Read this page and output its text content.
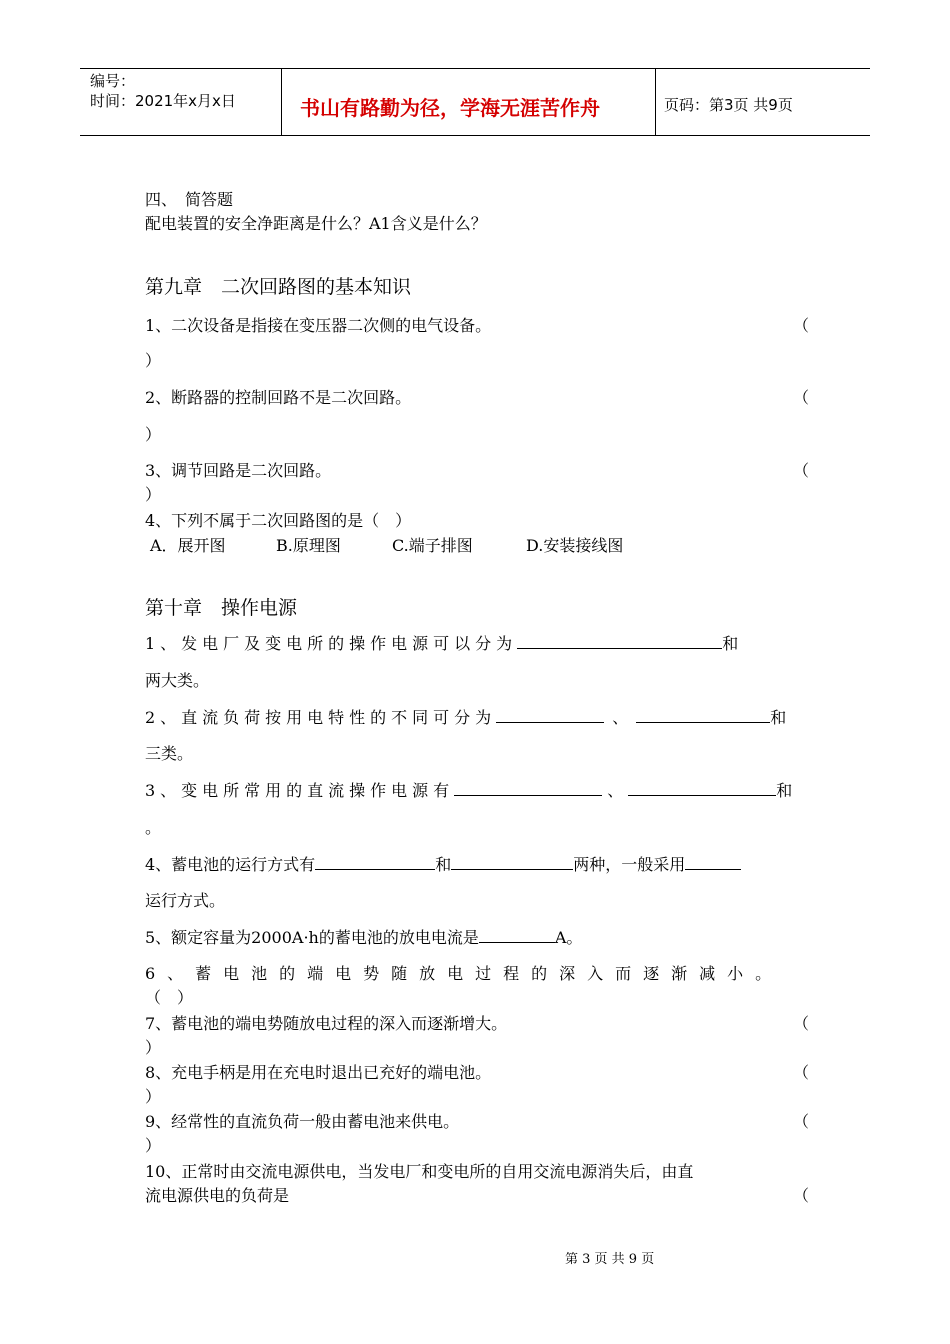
编号：
时间：2021年x月x日	书山有路勤为径，学海无涯苦作舟	页码：第3页 共9页
四、　简答题
配电装置的安全净距离是什么？A1含义是什么？
第九章　二次回路图的基本知识
1、二次设备是指接在变压器二次侧的电气设备。	（
）
2、断路器的控制回路不是二次回路。	（
）
3、调节回路是二次回路。	（
）
4、下列不属于二次回路图的是（　）
A．展开图	B.原理图	C.端子排图	D.安装接线图
第十章　操作电源
1、发电厂及变电所的操作电源可以分为	和
两大类。
2、直流负荷按用电特性的不同可分为	、	和
三类。
3、变电所常用的直流操作电源有	、	和
。
4、蓄电池的运行方式有	和	两种，一般采用
运行方式。
5、额定容量为2000A·h的蓄电池的放电电流是	A。
6、蓄电池的端电势随放电过程的深入而逐渐减小。
（　）
7、蓄电池的端电势随放电过程的深入而逐渐增大。	（
）
8、充电手柄是用在充电时退出已充好的端电池。	（
）
9、经常性的直流负荷一般由蓄电池来供电。	（
）
10、正常时由交流电源供电，当发电厂和变电所的自用交流电源消失后，由直
流电源供电的负荷是	（
第 3 页 共 9 页
